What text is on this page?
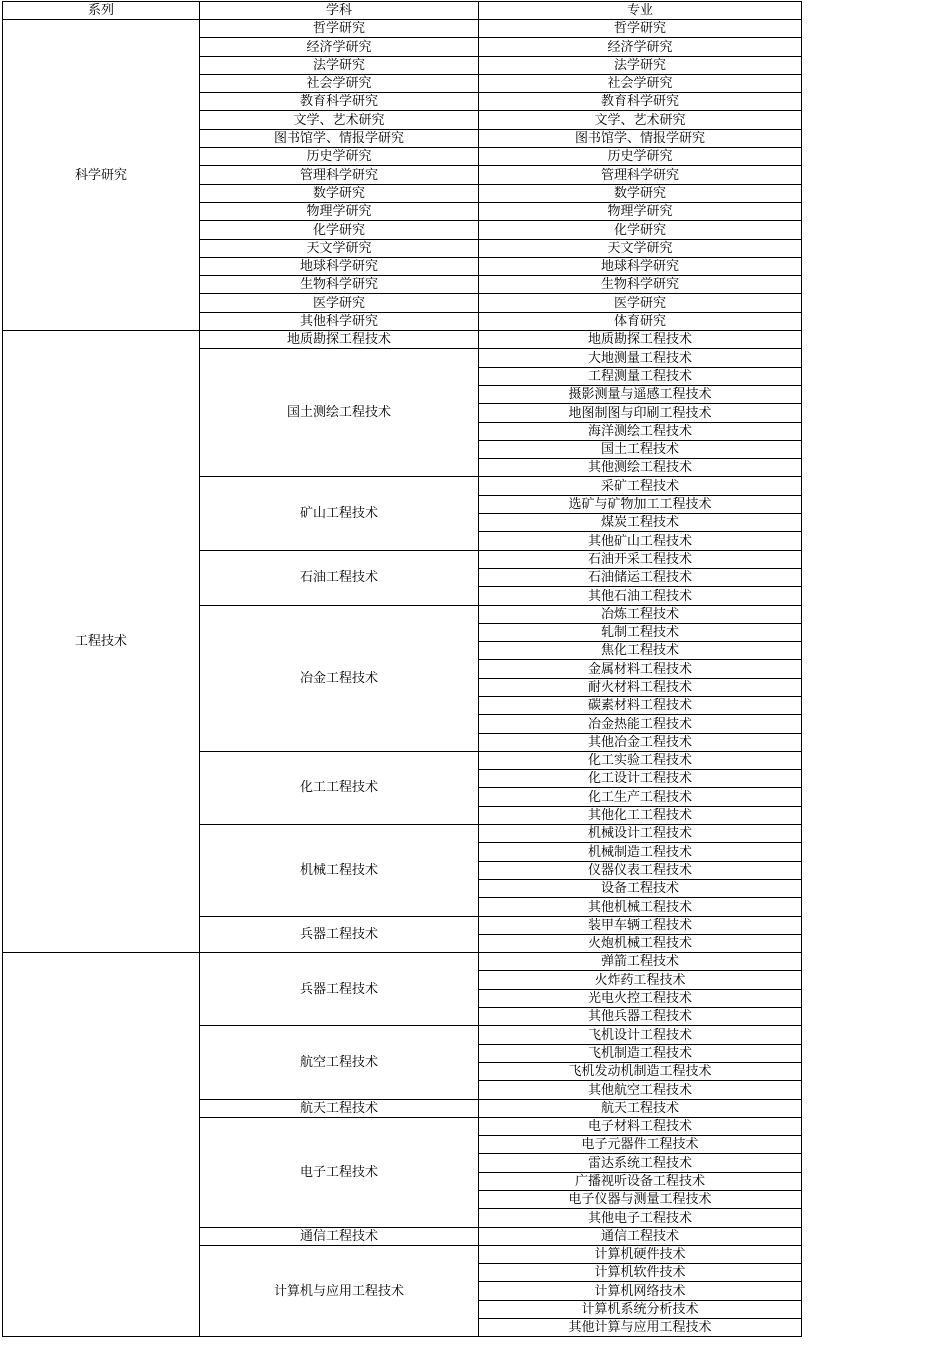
系列	学科	专业
科学研究	哲学研究	哲学研究
	经济学研究	经济学研究
	法学研究	法学研究
	社会学研究	社会学研究
	教育科学研究	教育科学研究
	文学、艺术研究	文学、艺术研究
	图书馆学、情报学研究	图书馆学、情报学研究
	历史学研究	历史学研究
	管理科学研究	管理科学研究
	数学研究	数学研究
	物理学研究	物理学研究
	化学研究	化学研究
	天文学研究	天文学研究
	地球科学研究	地球科学研究
	生物科学研究	生物科学研究
	医学研究	医学研究
	其他科学研究	体育研究
工程技术	地质勘探工程技术	地质勘探工程技术
	国土测绘工程技术	大地测量工程技术
		工程测量工程技术
		摄影测量与遥感工程技术
		地图制图与印刷工程技术
		海洋测绘工程技术
		国土工程技术
		其他测绘工程技术
	矿山工程技术	采矿工程技术
		选矿与矿物加工工程技术
		煤炭工程技术
		其他矿山工程技术
	石油工程技术	石油开采工程技术
		石油储运工程技术
		其他石油工程技术
	冶金工程技术	冶炼工程技术
		轧制工程技术
		焦化工程技术
		金属材料工程技术
		耐火材料工程技术
		碳素材料工程技术
		冶金热能工程技术
		其他冶金工程技术
	化工工程技术	化工实验工程技术
		化工设计工程技术
		化工生产工程技术
		其他化工工程技术
	机械工程技术	机械设计工程技术
		机械制造工程技术
		仪器仪表工程技术
		设备工程技术
		其他机械工程技术
	兵器工程技术	装甲车辆工程技术
		火炮机械工程技术
	兵器工程技术	弹箭工程技术
		火炸药工程技术
		光电火控工程技术
		其他兵器工程技术
	航空工程技术	飞机设计工程技术
		飞机制造工程技术
		飞机发动机制造工程技术
		其他航空工程技术
	航天工程技术	航天工程技术
	电子工程技术	电子材料工程技术
		电子元器件工程技术
		雷达系统工程技术
		广播视听设备工程技术
		电子仪器与测量工程技术
		其他电子工程技术
	通信工程技术	通信工程技术
	计算机与应用工程技术	计算机硬件技术
		计算机软件技术
		计算机网络技术
		计算机系统分析技术
		其他计算与应用工程技术
